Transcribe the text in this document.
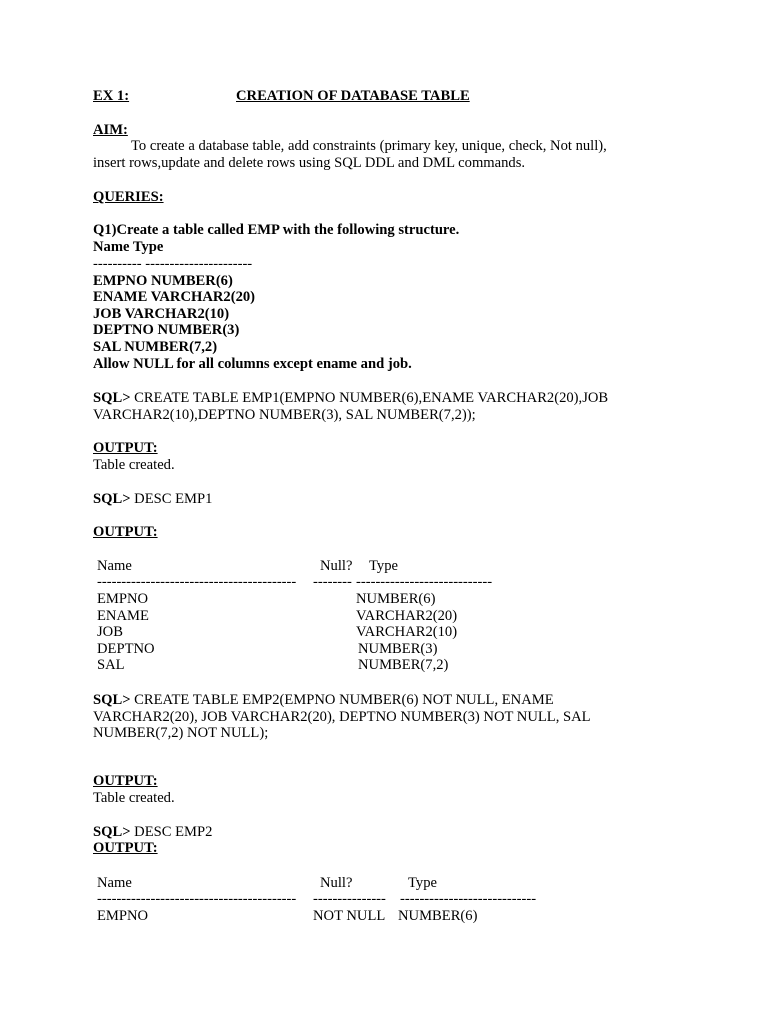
EX 1:	CREATION OF DATABASE TABLE
AIM:
To create a database table, add constraints (primary key, unique, check, Not null),
insert rows,update and delete rows using SQL DDL and DML commands.
QUERIES:
Q1)Create a table called EMP with the following structure.
Name Type
---------- ----------------------
EMPNO NUMBER(6)
ENAME VARCHAR2(20)
JOB VARCHAR2(10)
DEPTNO NUMBER(3)
SAL NUMBER(7,2)
Allow NULL for all columns except ename and job.
SQL> CREATE TABLE EMP1(EMPNO NUMBER(6),ENAME VARCHAR2(20),JOB
VARCHAR2(10),DEPTNO NUMBER(3), SAL NUMBER(7,2));
OUTPUT:
Table created.
SQL> DESC EMP1
OUTPUT:
Name	Null? Type
----------------------------------------- -------- ----------------------------
EMPNO	NUMBER(6)
ENAME	VARCHAR2(20)
JOB	VARCHAR2(10)
DEPTNO	NUMBER(3)
SAL	NUMBER(7,2)
SQL> CREATE TABLE EMP2(EMPNO NUMBER(6) NOT NULL, ENAME
VARCHAR2(20), JOB VARCHAR2(20), DEPTNO NUMBER(3) NOT NULL, SAL
NUMBER(7,2) NOT NULL);
OUTPUT:
Table created.
SQL> DESC EMP2
OUTPUT:
Name	Null?	Type
----------------------------------------- --------------- ----------------------------
EMPNO	NOT NULL NUMBER(6)
